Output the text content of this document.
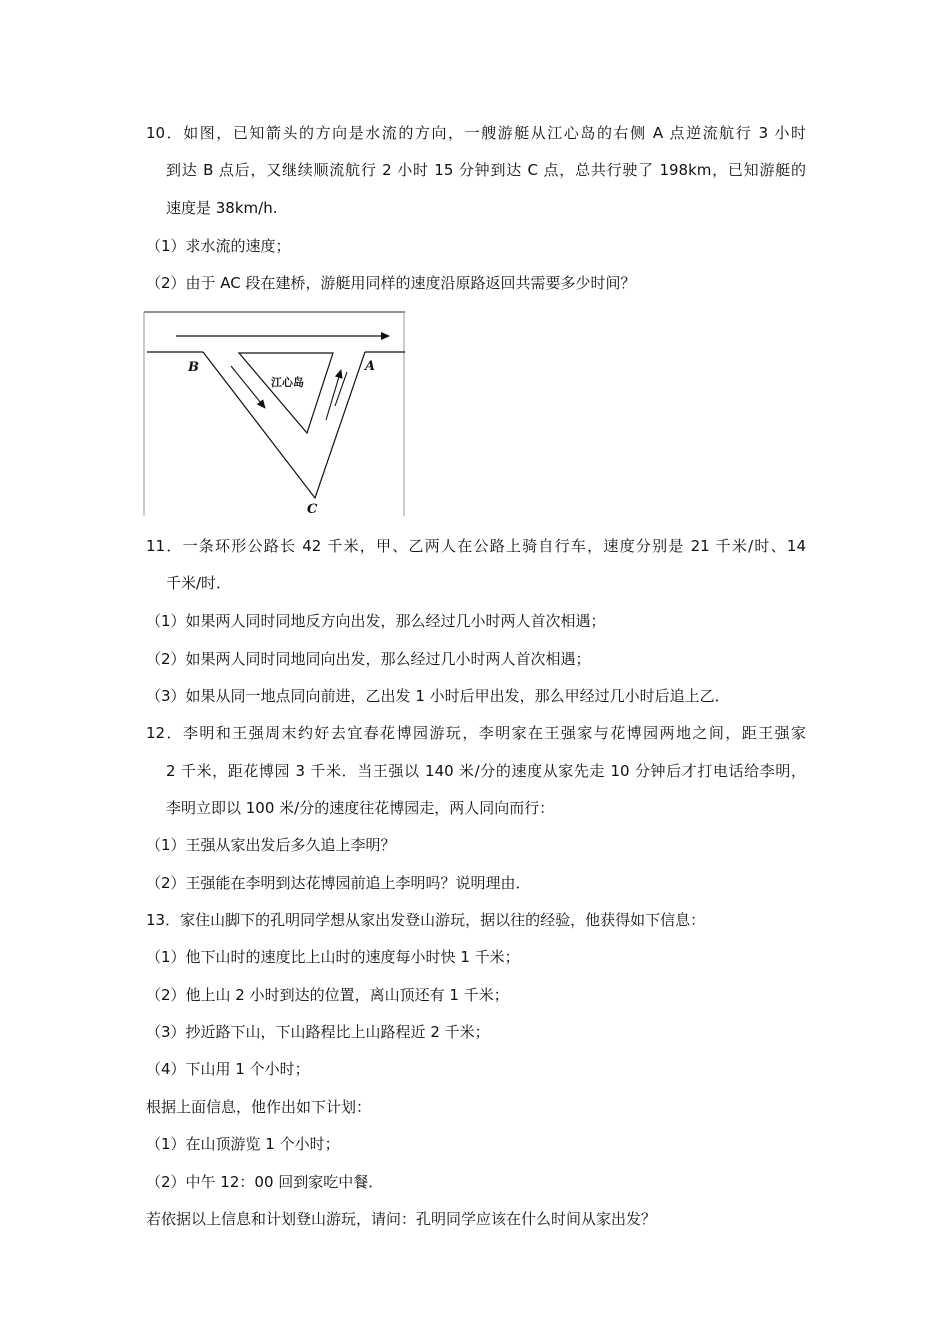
10．如图，已知箭头的方向是水流的方向，一艘游艇从江心岛的右侧 A 点逆流航行 3 小时
到达 B 点后，又继续顺流航行 2 小时 15 分钟到达 C 点，总共行驶了 198km，已知游艇的
速度是 38km/h.
（1）求水流的速度；
（2）由于 AC 段在建桥，游艇用同样的速度沿原路返回共需要多少时间？
B	A
C
江心岛
11．一条环形公路长 42 千米，甲、乙两人在公路上骑自行车，速度分别是 21 千米/时、14
千米/时．
（1）如果两人同时同地反方向出发，那么经过几小时两人首次相遇；
（2）如果两人同时同地同向出发，那么经过几小时两人首次相遇；
（3）如果从同一地点同向前进，乙出发 1 小时后甲出发，那么甲经过几小时后追上乙．
12．李明和王强周末约好去宜春花博园游玩，李明家在王强家与花博园两地之间，距王强家
2 千米，距花博园 3 千米．当王强以 140 米/分的速度从家先走 10 分钟后才打电话给李明，
李明立即以 100 米/分的速度往花博园走，两人同向而行：
（1）王强从家出发后多久追上李明？
（2）王强能在李明到达花博园前追上李明吗？说明理由．
13．家住山脚下的孔明同学想从家出发登山游玩，据以往的经验，他获得如下信息：
（1）他下山时的速度比上山时的速度每小时快 1 千米；
（2）他上山 2 小时到达的位置，离山顶还有 1 千米；
（3）抄近路下山，下山路程比上山路程近 2 千米；
（4）下山用 1 个小时；
根据上面信息，他作出如下计划：
（1）在山顶游览 1 个小时；
（2）中午 12：00 回到家吃中餐．
若依据以上信息和计划登山游玩，请问：孔明同学应该在什么时间从家出发？
